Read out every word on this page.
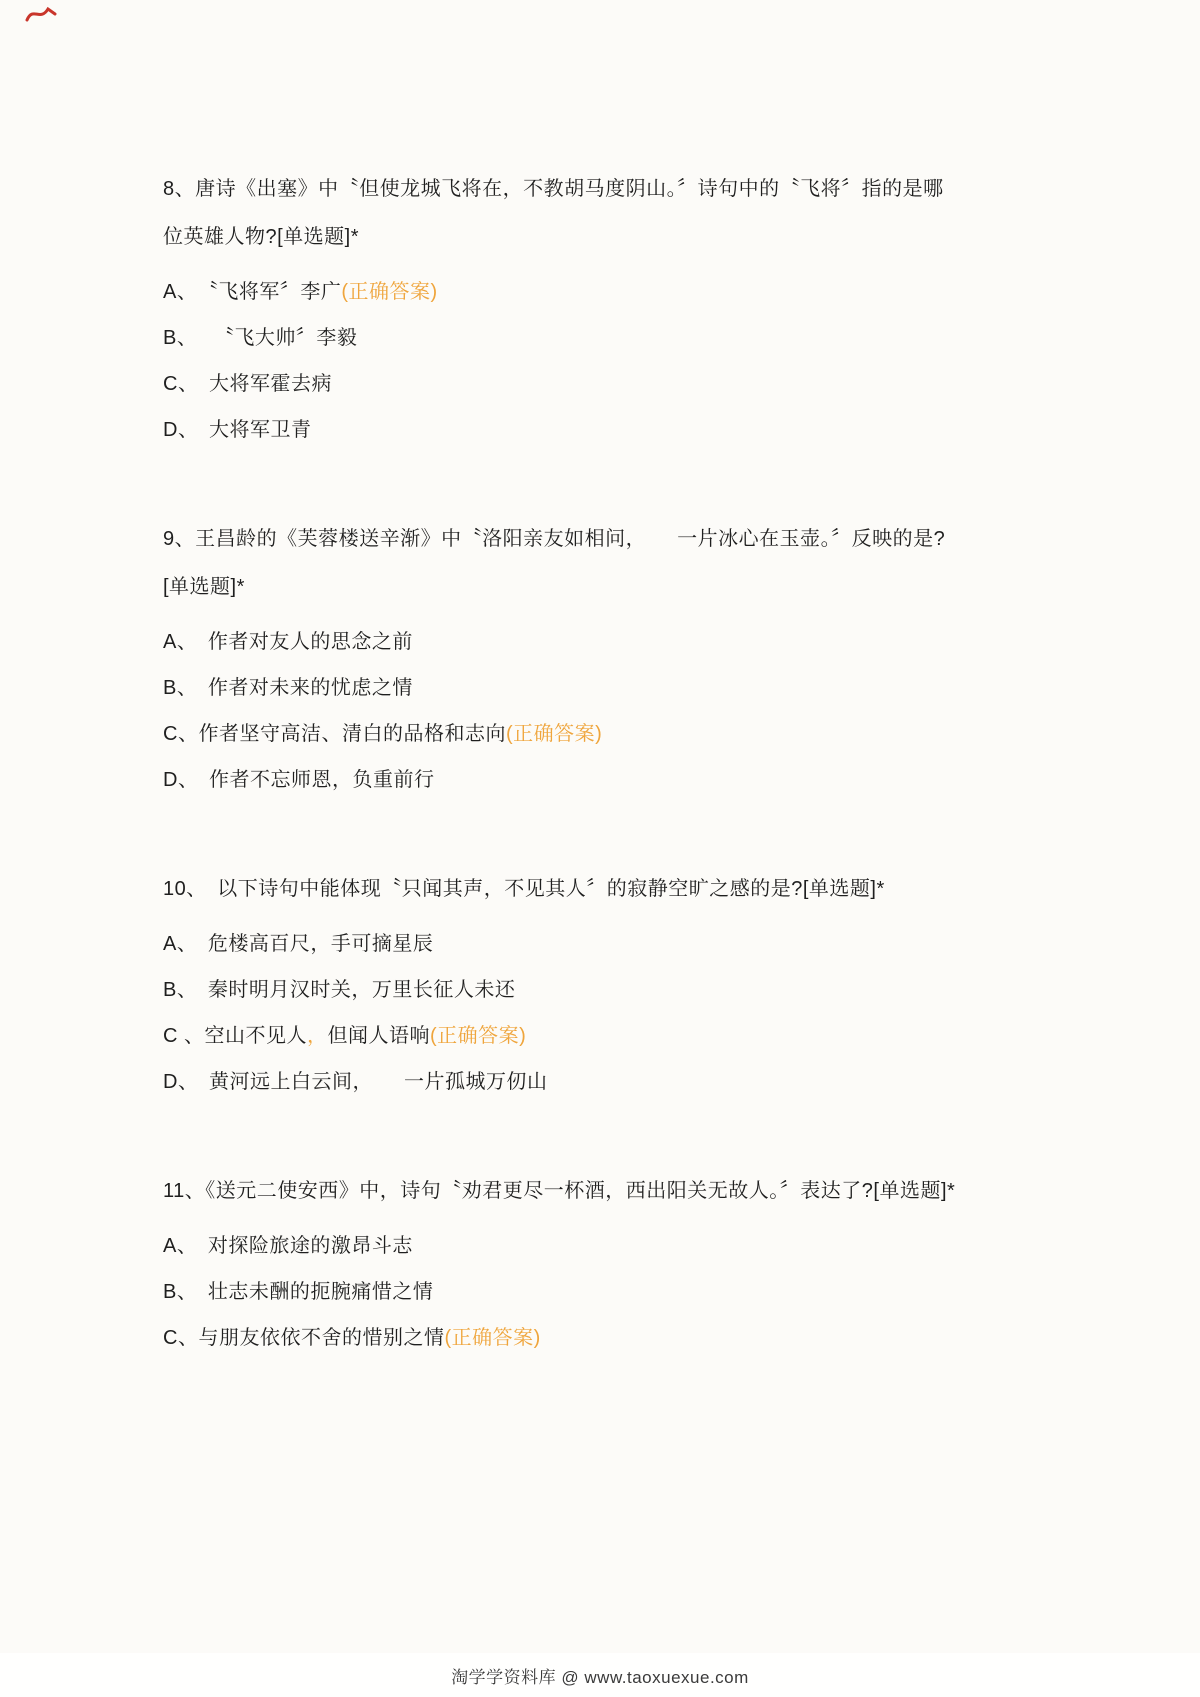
8、唐诗《出塞》中〝但使龙城飞将在，不教胡马度阴山。〞诗句中的〝飞将〞指的是哪位英雄人物?[单选题]*
A、　〝飞将军〞李广(正确答案)
B、　 〝飞大帅〞李毅
C、　大将军霍去病
D、　大将军卫青
9、王昌龄的《芙蓉楼送辛渐》中〝洛阳亲友如相问，　　一片冰心在玉壶。〞反映的是?[单选题]*
A、　作者对友人的思念之前
B、　作者对未来的忧虑之情
C、作者坚守高洁、清白的品格和志向(正确答案)
D、　作者不忘师恩，负重前行
10、　以下诗句中能体现〝只闻其声，不见其人〞的寂静空旷之感的是?[单选题]*
A、　危楼高百尺，手可摘星辰
B、　秦时明月汉时关，万里长征人未还
C 、空山不见人，但闻人语响(正确答案)
D、　黄河远上白云间，　　一片孤城万仞山
11、《送元二使安西》中，诗句〝劝君更尽一杯酒，西出阳关无故人。〞表达了?[单选题]*
A、　对探险旅途的激昂斗志
B、　壮志未酬的扼腕痛惜之情
C、与朋友依依不舍的惜别之情(正确答案)
淘学学资料库 @ www.taoxuexue.com
